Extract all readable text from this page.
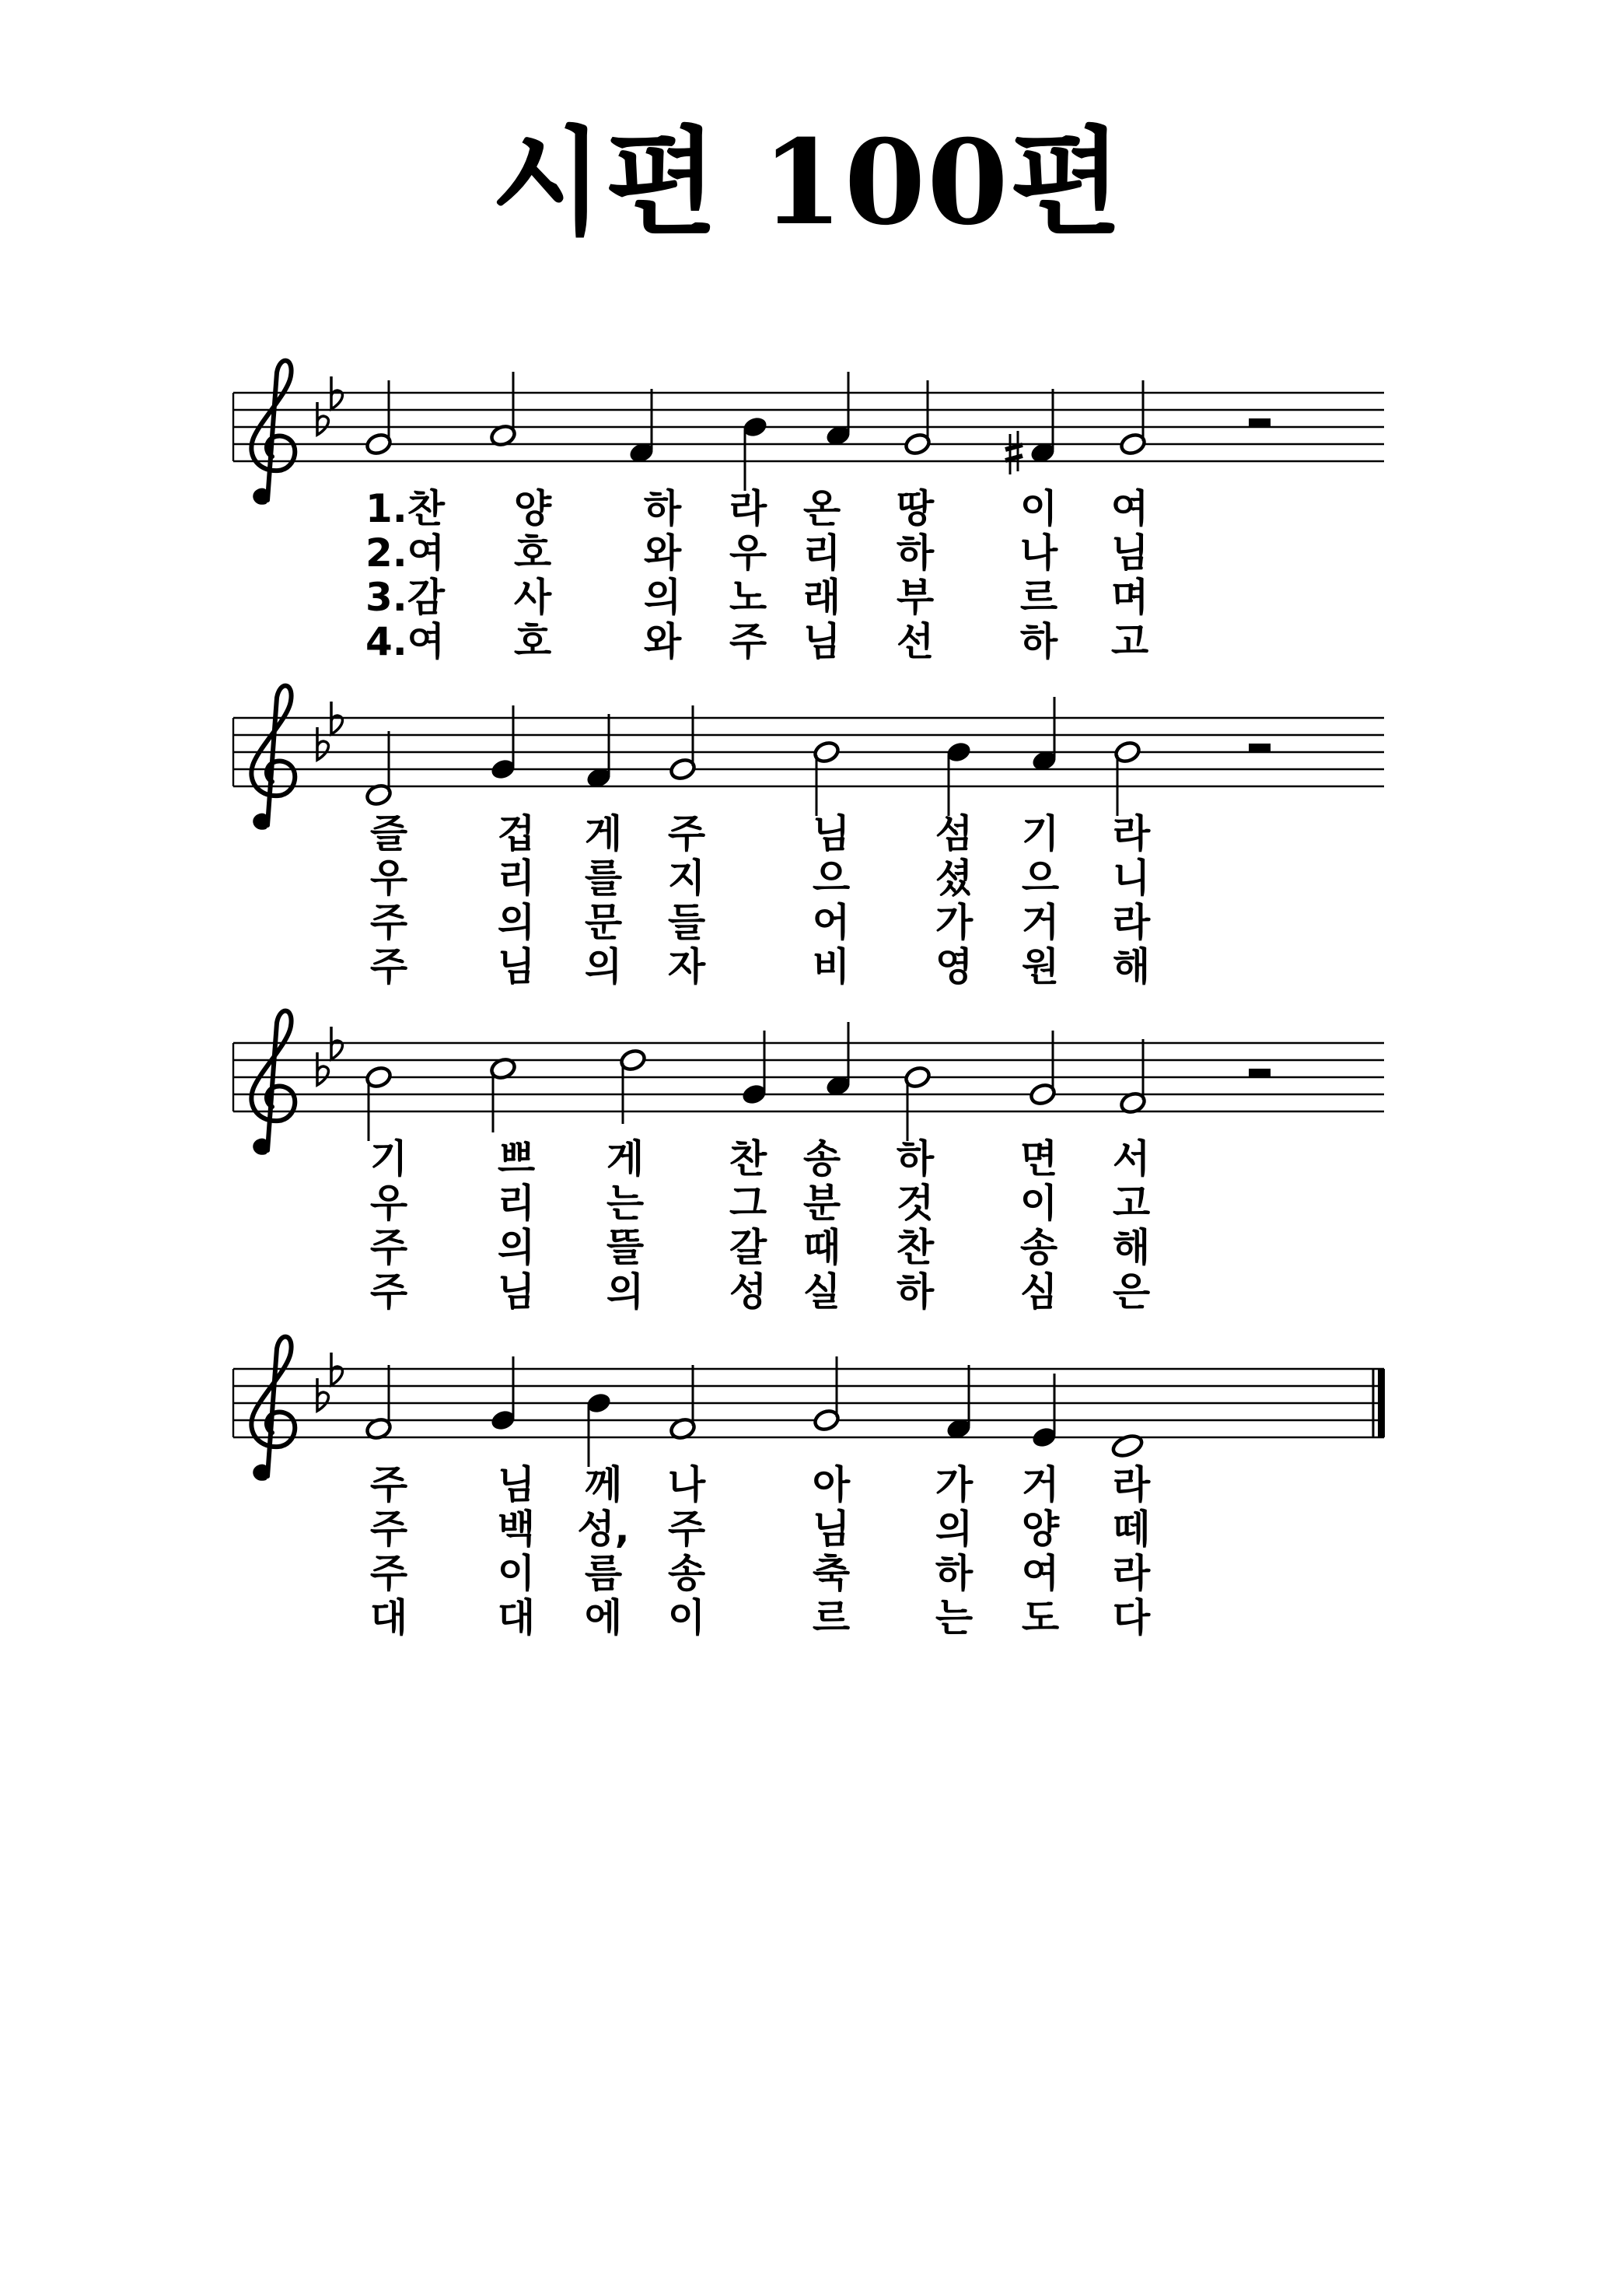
시편 100편
1.찬 양 하 라 온 땅 이 여
2.여 호 와 우 리 하 나 님
3.감 사 의 노 래 부 르 며
4.여 호 와 주 님 선 하 고
즐 겁 게 주	님 섬 기 라
우 리 를 지	으 셨 으 니
주 의 문 들	어 가 거 라
주 님 의 자	비 영 원 해
기 쁘 게 찬 송 하 면 서
우 리 는 그 분 것 이 고
주 의 뜰 갈 때 찬 송 해
주 님 의 성 실 하 심 은
주 님 께 나	아 가 거 라
주 백 성, 주	님 의 양 떼
주 이 름 송	축 하 여 라
대 대 에 이	르 는 도 다
